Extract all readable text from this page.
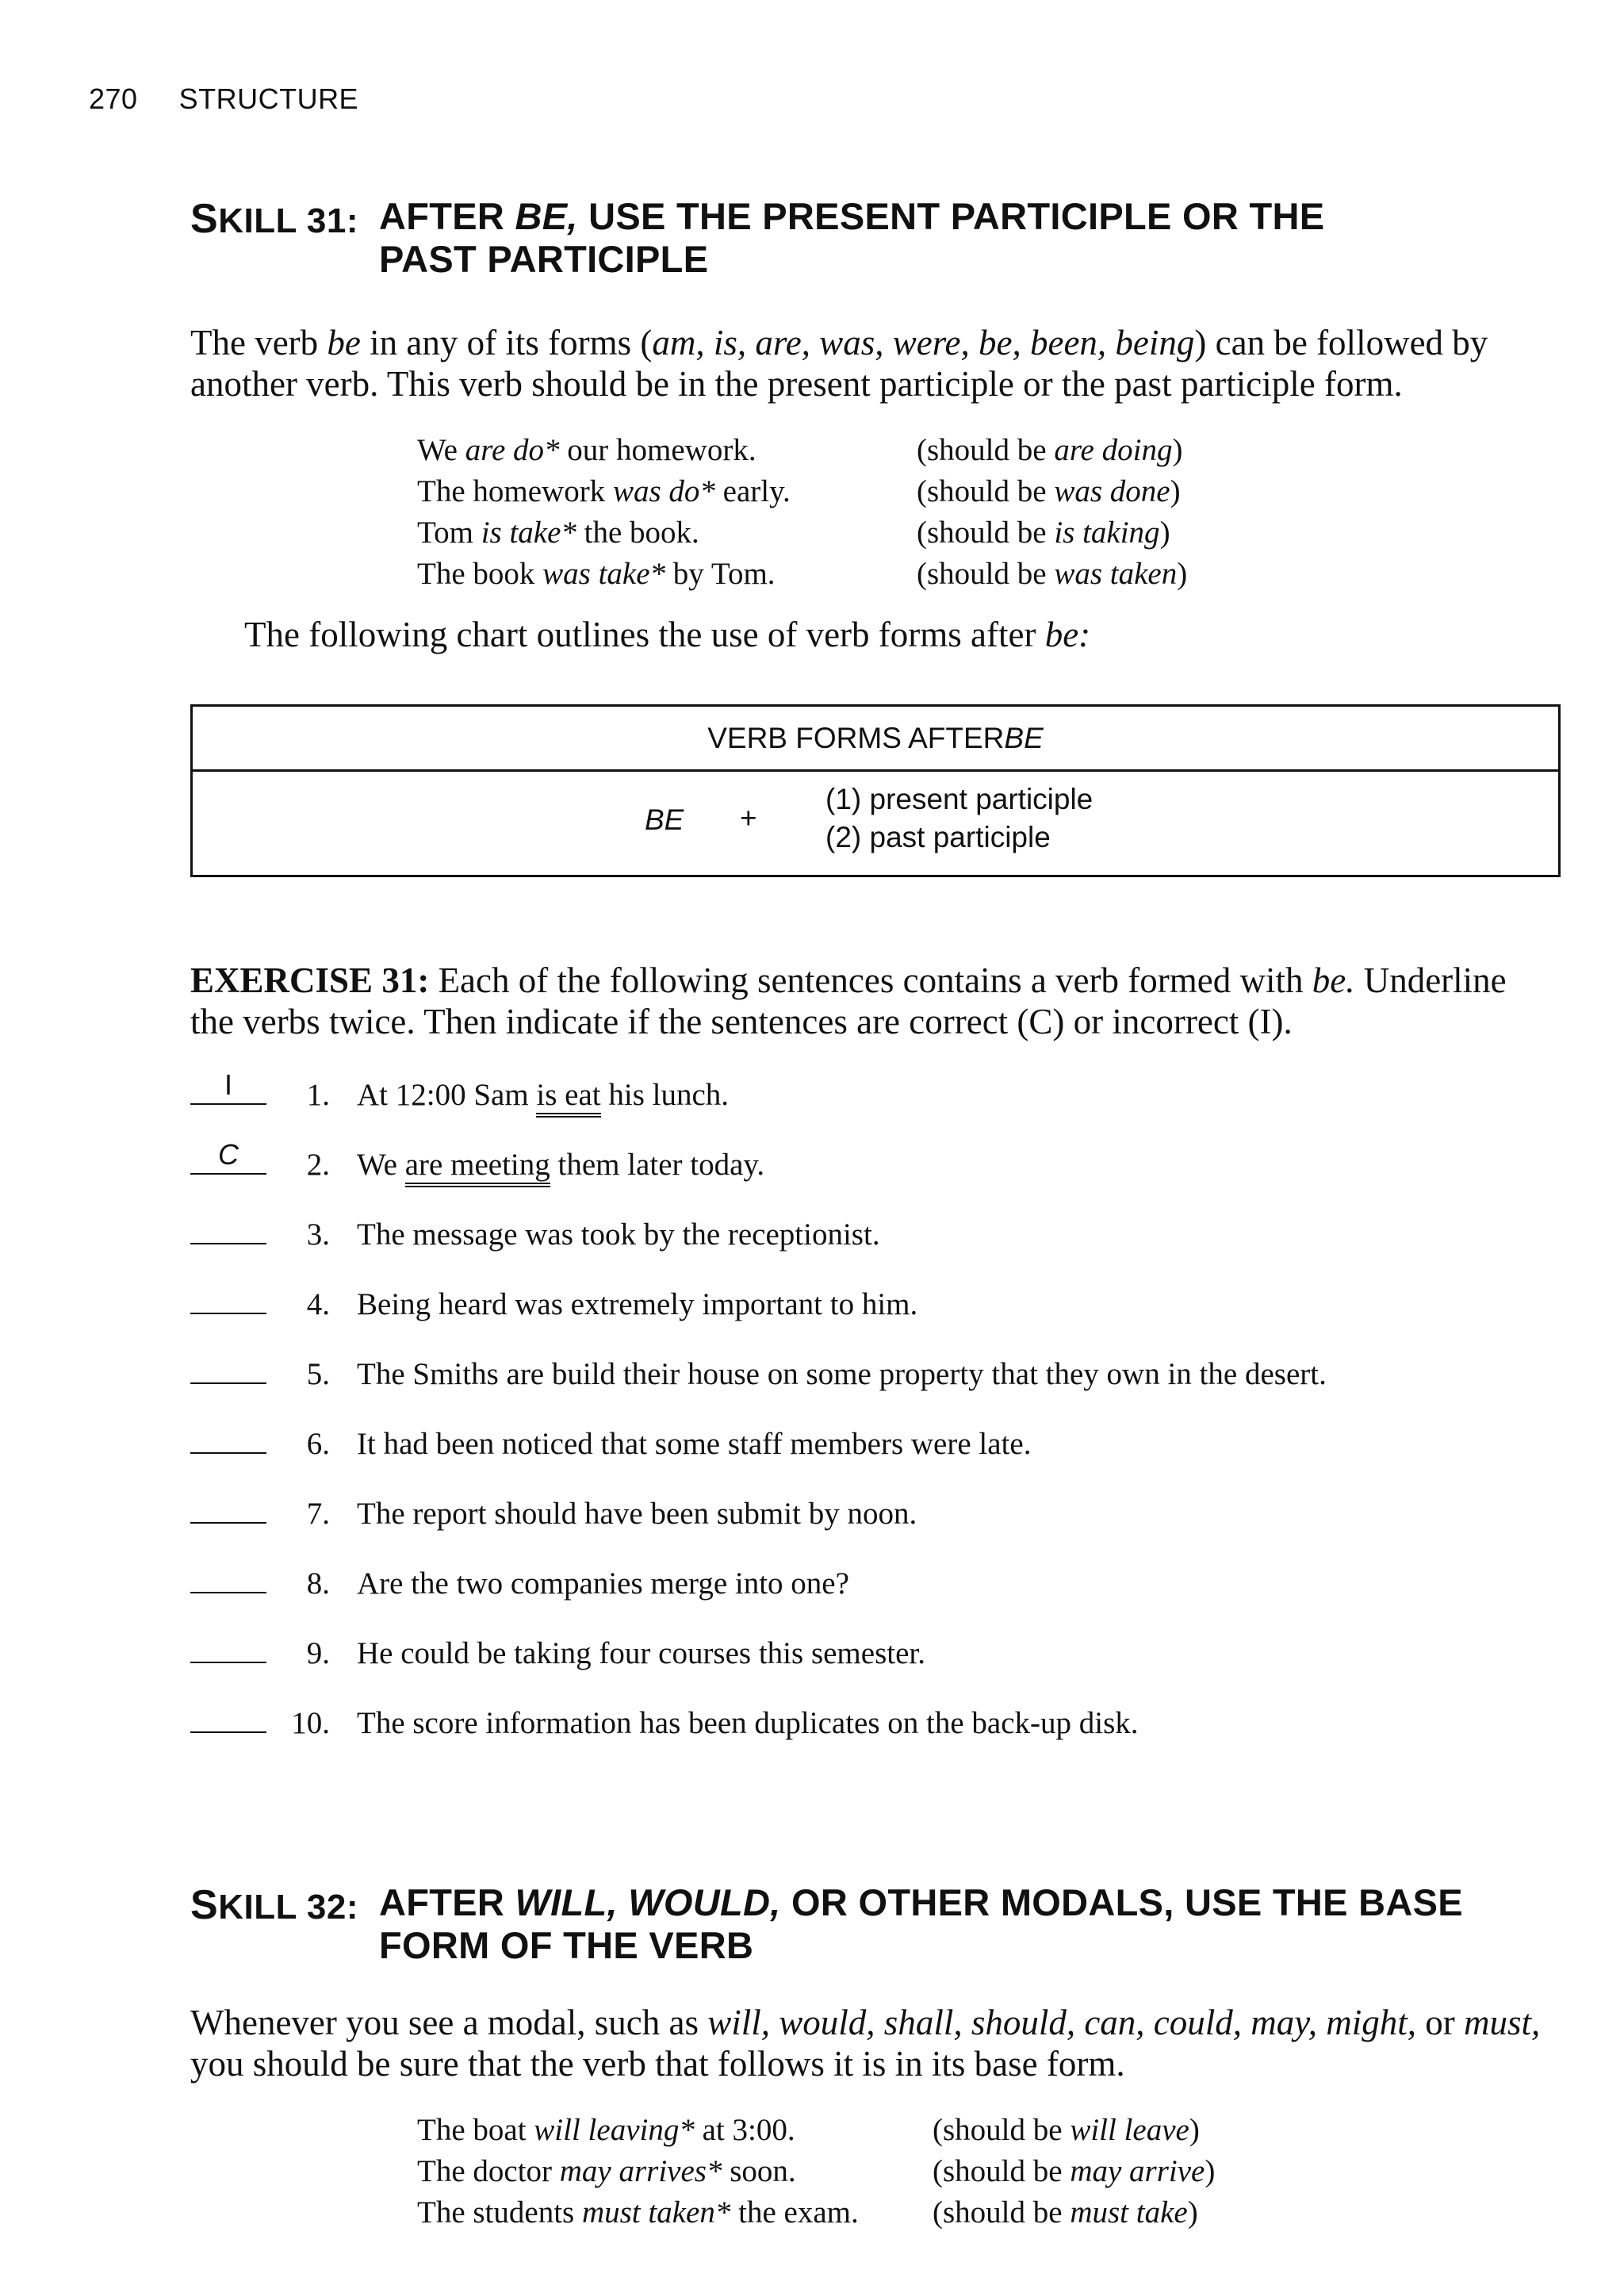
270 STRUCTURE
SKILL 31: AFTER BE, USE THE PRESENT PARTICIPLE OR THE
PAST PARTICIPLE
The verb be in any of its forms (am, is, are, was, were, be, been, being) can be followed by
another verb. This verb should be in the present participle or the past participle form.
We are do* our homework.	(should be are doing)
The homework was do* early.	(should be was done)
Tom is take* the book.	(should be is taking)
The book was take* by Tom.	(should be was taken)
The following chart outlines the use of verb forms after be:
VERB FORMS AFTER BE
BE +
(1) present participle
(2) past participle
EXERCISE 31: Each of the following sentences contains a verb formed with be. Underline
the verbs twice. Then indicate if the sentences are correct (C) or incorrect (I).
I	1. At 12:00 Sam is eat his lunch.
C	2. We are meeting them later today.
3. The message was took by the receptionist.
4. Being heard was extremely important to him.
5. The Smiths are build their house on some property that they own in the desert.
6. It had been noticed that some staff members were late.
7. The report should have been submit by noon.
8. Are the two companies merge into one?
9. He could be taking four courses this semester.
10. The score information has been duplicates on the back-up disk.
SKILL 32: AFTER WILL, WOULD, OR OTHER MODALS, USE THE BASE
FORM OF THE VERB
Whenever you see a modal, such as will, would, shall, should, can, could, may, might, or must,
you should be sure that the verb that follows it is in its base form.
The boat will leaving* at 3:00.	(should be will leave)
The doctor may arrives* soon.	(should be may arrive)
The students must taken* the exam.	(should be must take)
